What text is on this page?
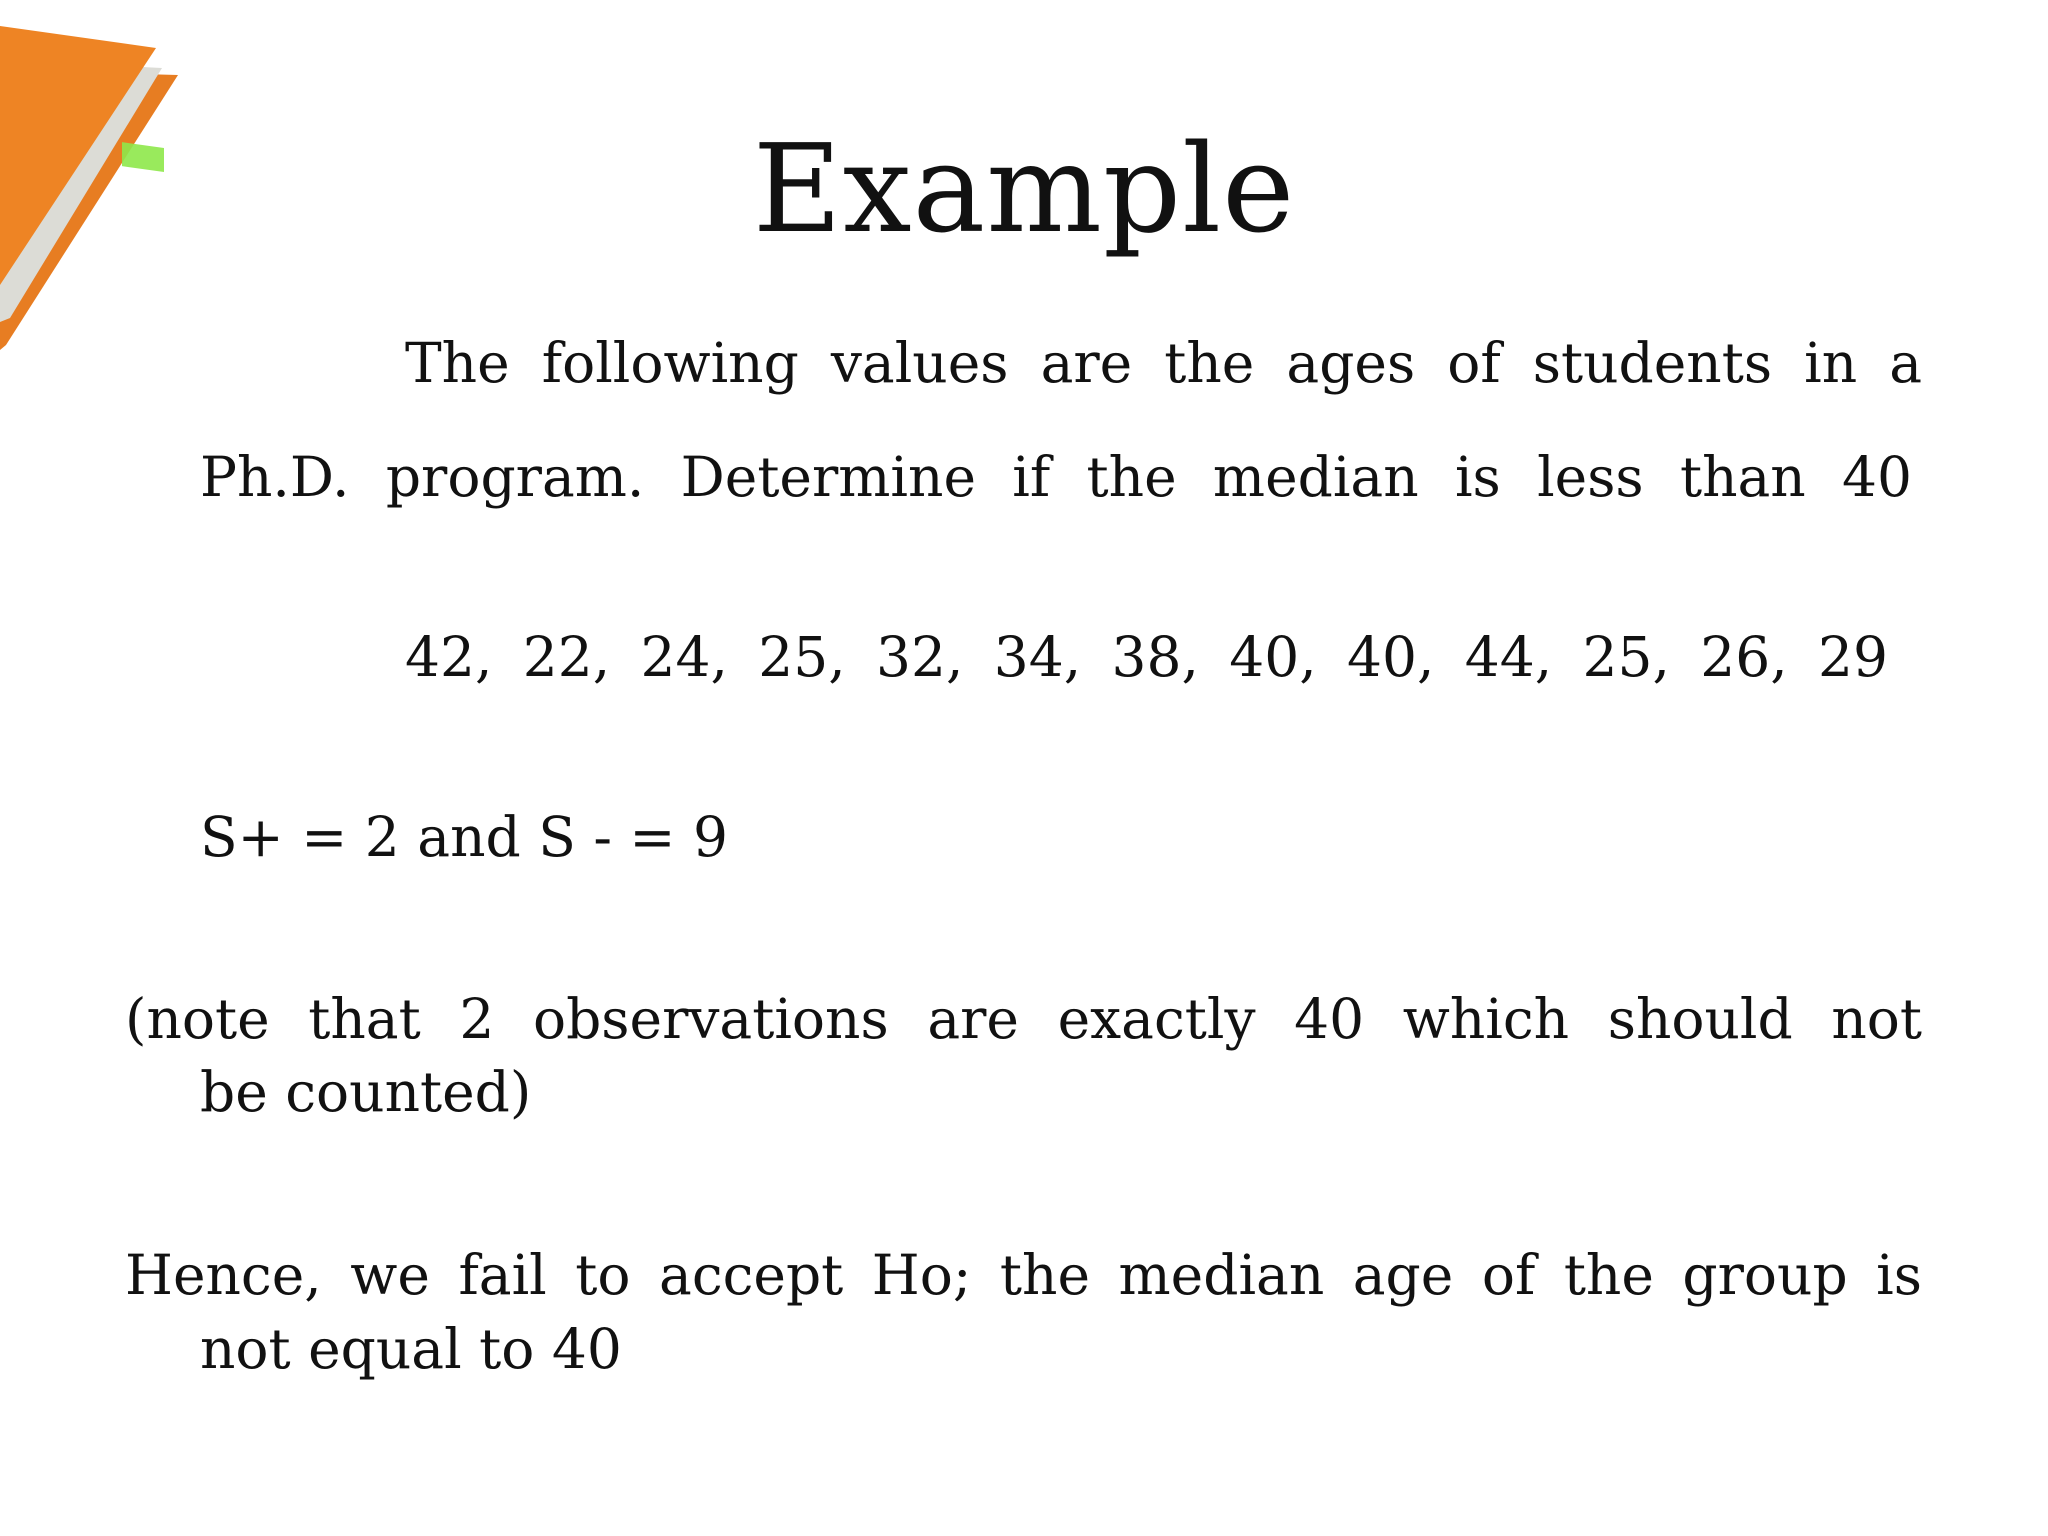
Example
The following values are the ages of students in a
Ph.D. program. Determine if the median is less than 40
42, 22, 24, 25, 32, 34, 38, 40, 40, 44, 25, 26, 29
S+ = 2 and S - = 9
(note that 2 observations are exactly 40 which should not
be counted)
Hence, we fail to accept Ho; the median age of the group is
not equal to 40
